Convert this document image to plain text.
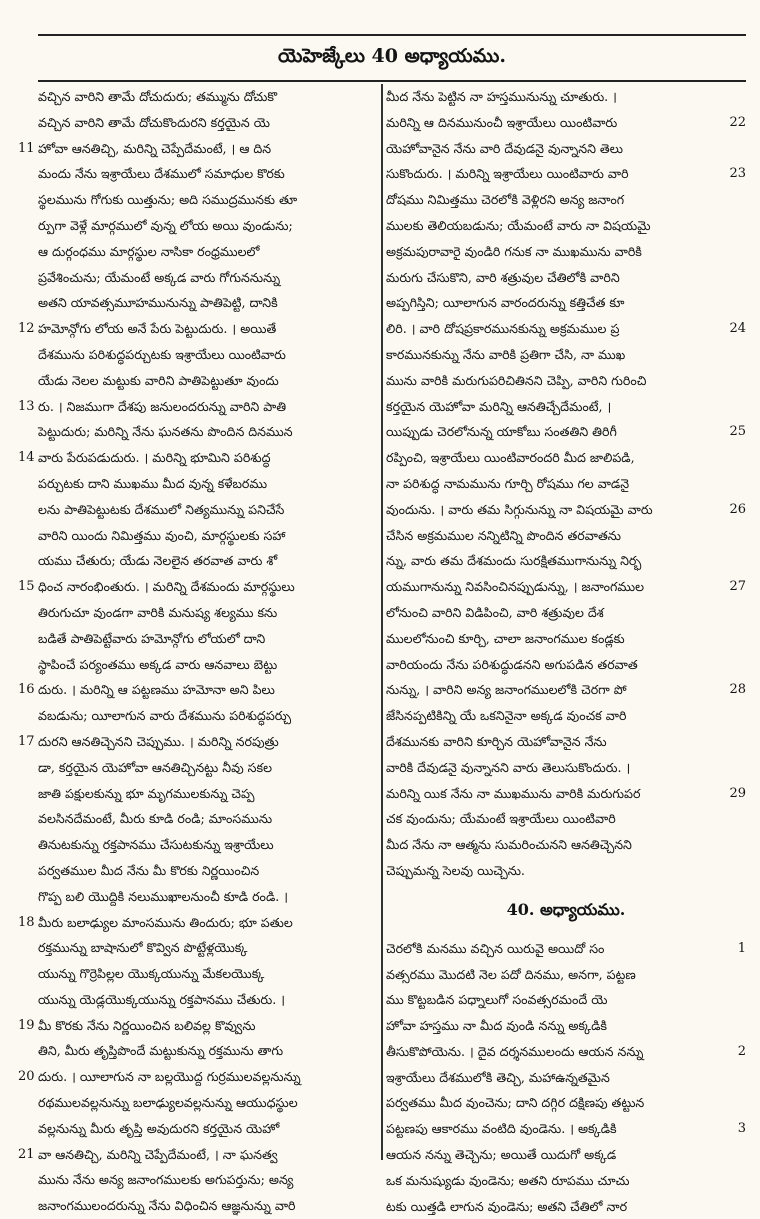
యెహెజ్కేలు 40 అధ్యాయము.
వచ్చిన వారిని తామే దోచుదురు; తమ్మును దోచుకొ
వచ్చిన వారిని తామే దోచుకొందురని కర్తయైన యె
11 హోవా ఆనతిచ్చి, మరిన్ని చెప్పేదేమంటే, । ఆ దిన
మందు నేను ఇశ్రాయేలు దేశములో సమాధుల కొరకు
స్థలమును గోగుకు యిత్తును; అది సముద్రమునకు తూ
ర్పుగా వెళ్లే మార్గములో వున్న లోయ అయి వుండును;
ఆ దుర్గంధము మార్గస్థుల నాసికా రంధ్రములలో
ప్రవేశించును; యేమంటే అక్కడ వారు గోగుననున్ను
అతని యావత్సమూహమునున్ను పాతిపెట్టి, దానికి
12 హమోన్గోగు లోయ అనే పేరు పెట్టుదురు. । అయితే
దేశమును పరిశుద్ధపర్చుటకు ఇశ్రాయేలు యింటివారు
యేడు నెలల మట్టుకు వారిని పాతిపెట్టుతూ వుందు
13 రు. । నిజముగా దేశపు జనులందరున్ను వారిని పాతి
పెట్టుదురు; మరిన్ని నేను ఘనతను పొందిన దినమున
14 వారు పేరుపడుదురు. । మరిన్ని భూమిని పరిశుద్ధ
పర్చుటకు దాని ముఖము మీద వున్న కళేబరము
లను పాతిపెట్టుటకు దేశములో నిత్యమున్ను పనిచేసే
వారిని యిందు నిమిత్తము వుంచి, మార్గస్థులకు సహా
యము చేతురు; యేడు నెలలైన తరవాత వారు శో
15 ధించ నారంభింతురు. । మరిన్ని దేశమందు మార్గస్థులు
తిరుగుచూ వుండగా వారికి మనుష్య శల్యము కను
బడితే పాతిపెట్టేవారు హమోన్గోగు లోయలో దాని
స్థాపించే పర్యంతము అక్కడ వారు ఆనవాలు బెట్టు
16 దురు. । మరిన్ని ఆ పట్టణము హమోనా అని పిలు
వబడును; యీలాగున వారు దేశమును పరిశుద్ధపర్చు
17 దురని ఆనతిచ్చెనని చెప్పుము. । మరిన్ని నరపుత్రు
డా, కర్తయైన యెహోవా ఆనతిచ్చినట్టు నీవు సకల
జాతి పక్షులకున్ను భూ మృగములకున్ను చెప్ప
వలసినదేమంటే, మీరు కూడి రండి; మాంసమును
తినుటకున్ను రక్తపానము చేసుటకున్ను ఇశ్రాయేలు
పర్వతముల మీద నేను మీ కొరకు నిర్ణయించిన
గొప్ప బలి యొద్దికి నలుముఖాలనుంచీ కూడి రండి. ।
18 మీరు బలాఢ్యుల మాంసమును తిందురు; భూ పతుల
రక్తమున్ను బాషానులో కొవ్విన పొట్టేళ్లయొక్క
యున్ను గొర్రెపిల్లల యొక్కయున్ను మేకలయొక్క
యున్ను యెడ్లయొక్కయున్ను రక్తపానము చేతురు. ।
19 మీ కొరకు నేను నిర్ణయించిన బలివల్ల కొవ్వును
తిని, మీరు తృప్తిపొందే మట్టుకున్ను రక్తమును తాగు
20 దురు. । యీలాగున నా బల్లయొద్ద గుర్రములవల్లనున్ను
రథములవల్లనున్ను బలాఢ్యులవల్లనున్ను ఆయుధస్థుల
వల్లనున్ను మీరు తృప్తి అవుదురని కర్తయైన యెహో
21 వా ఆనతిచ్చి, మరిన్ని చెప్పేదేమంటే, । నా ఘనత్వ
మును నేను అన్య జనాంగములకు అగుపర్తును; అన్య
జనాంగములందరున్ను నేను విధించిన ఆజ్ఞనున్ను వారి
మీద నేను పెట్టిన నా హస్తమునున్ను చూతురు. ।
22
మరిన్ని ఆ దినమునుంచీ ఇశ్రాయేలు యింటివారు
యెహోవానైన నేను వారి దేవుడనై వున్నానని తెలు
23
సుకొందురు. । మరిన్ని ఇశ్రాయేలు యింటివారు వారి
దోషము నిమిత్తము చెరలోకి వెళ్లిరని అన్య జనాంగ
ములకు తెలియబడును; యేమంటే వారు నా విషయమై
అక్రమపురావారై వుండిరి గనుక నా ముఖమును వారికి
మరుగు చేసుకొని, వారి శత్రువుల చేతిలోకి వారిని
అప్పగిస్తిని; యీలాగున వారందరున్ను కత్తిచేత కూ
24
లిరి. । వారి దోషప్రకారమునకున్ను అక్రమముల ప్ర
కారమునకున్ను నేను వారికి ప్రతిగా చేసి, నా ముఖ
మును వారికి మరుగుపరిచితినని చెప్పి, వారిని గురించి
కర్తయైన యెహోవా మరిన్ని ఆనతిచ్చేదేమంటే, ।
25
యిప్పుడు చెరలోనున్న యాకోబు సంతతిని తిరిగీ
రప్పించి, ఇశ్రాయేలు యింటివారందరి మీద జాలిపడి,
నా పరిశుద్ధ నామమును గూర్చి రోషము గల వాడనై
26
వుందును. । వారు తమ సిగ్గునున్ను నా విషయమై వారు
చేసిన అక్రమముల నన్నిటిన్ని పొందిన తరవాతను
న్ను, వారు తమ దేశమందు సురక్షితముగానున్ను నిర్భ
27
యముగానున్ను నివసించినప్పుడున్ను, । జనాంగముల
లోనుంచి వారిని విడిపించి, వారి శత్రువుల దేశ
ములలోనుంచి కూర్చి, చాలా జనాంగముల కండ్లకు
వారియందు నేను పరిశుద్ధుడనని అగుపడిన తరవాత
28
నున్ను, । వారిని అన్య జనాంగములలోకి చెరగా పో
జేసినప్పటికిన్ని యే ఒకనినైనా అక్కడ వుంచక వారి
దేశమునకు వారిని కూర్చిన యెహోవానైన నేను
వారికి దేవుడనై వున్నానని వారు తెలుసుకొందురు. ।
29
మరిన్ని యిక నేను నా ముఖమును వారికి మరుగుపర
చక వుందును; యేమంటే ఇశ్రాయేలు యింటివారి
మీద నేను నా ఆత్మను సుమరించునని ఆనతిచ్చెనని
చెప్పుమన్న సెలవు యిచ్చెను.
40. అధ్యాయము.
1
చెరలోకి మనము వచ్చిన యిరువై అయిదో సం
వత్సరము మొదటి నెల పదో దినము, అనగా, పట్టణ
ము కొట్టబడిన పధ్నాలుగో సంవత్సరమందే యె
హోవా హస్తము నా మీద వుండి నన్ను అక్కడికి
2
తీసుకొపోయెను. । దైవ దర్శనములందు ఆయన నన్ను
ఇశ్రాయేలు దేశములోకి తెచ్చి, మహాఉన్నతమైన
పర్వతము మీద వుంచెను; దాని దగ్గిర దక్షిణపు తట్టున
3
పట్టణపు ఆకారము వంటిది వుండెను. । అక్కడికి
ఆయన నన్ను తెచ్చెను; అయితే యిదుగో అక్కడ
ఒక మనుష్యుడు వుండెను; అతని రూపము చూచు
టకు యిత్తడి లాగున వుండెను; అతని చేతిలో నార
